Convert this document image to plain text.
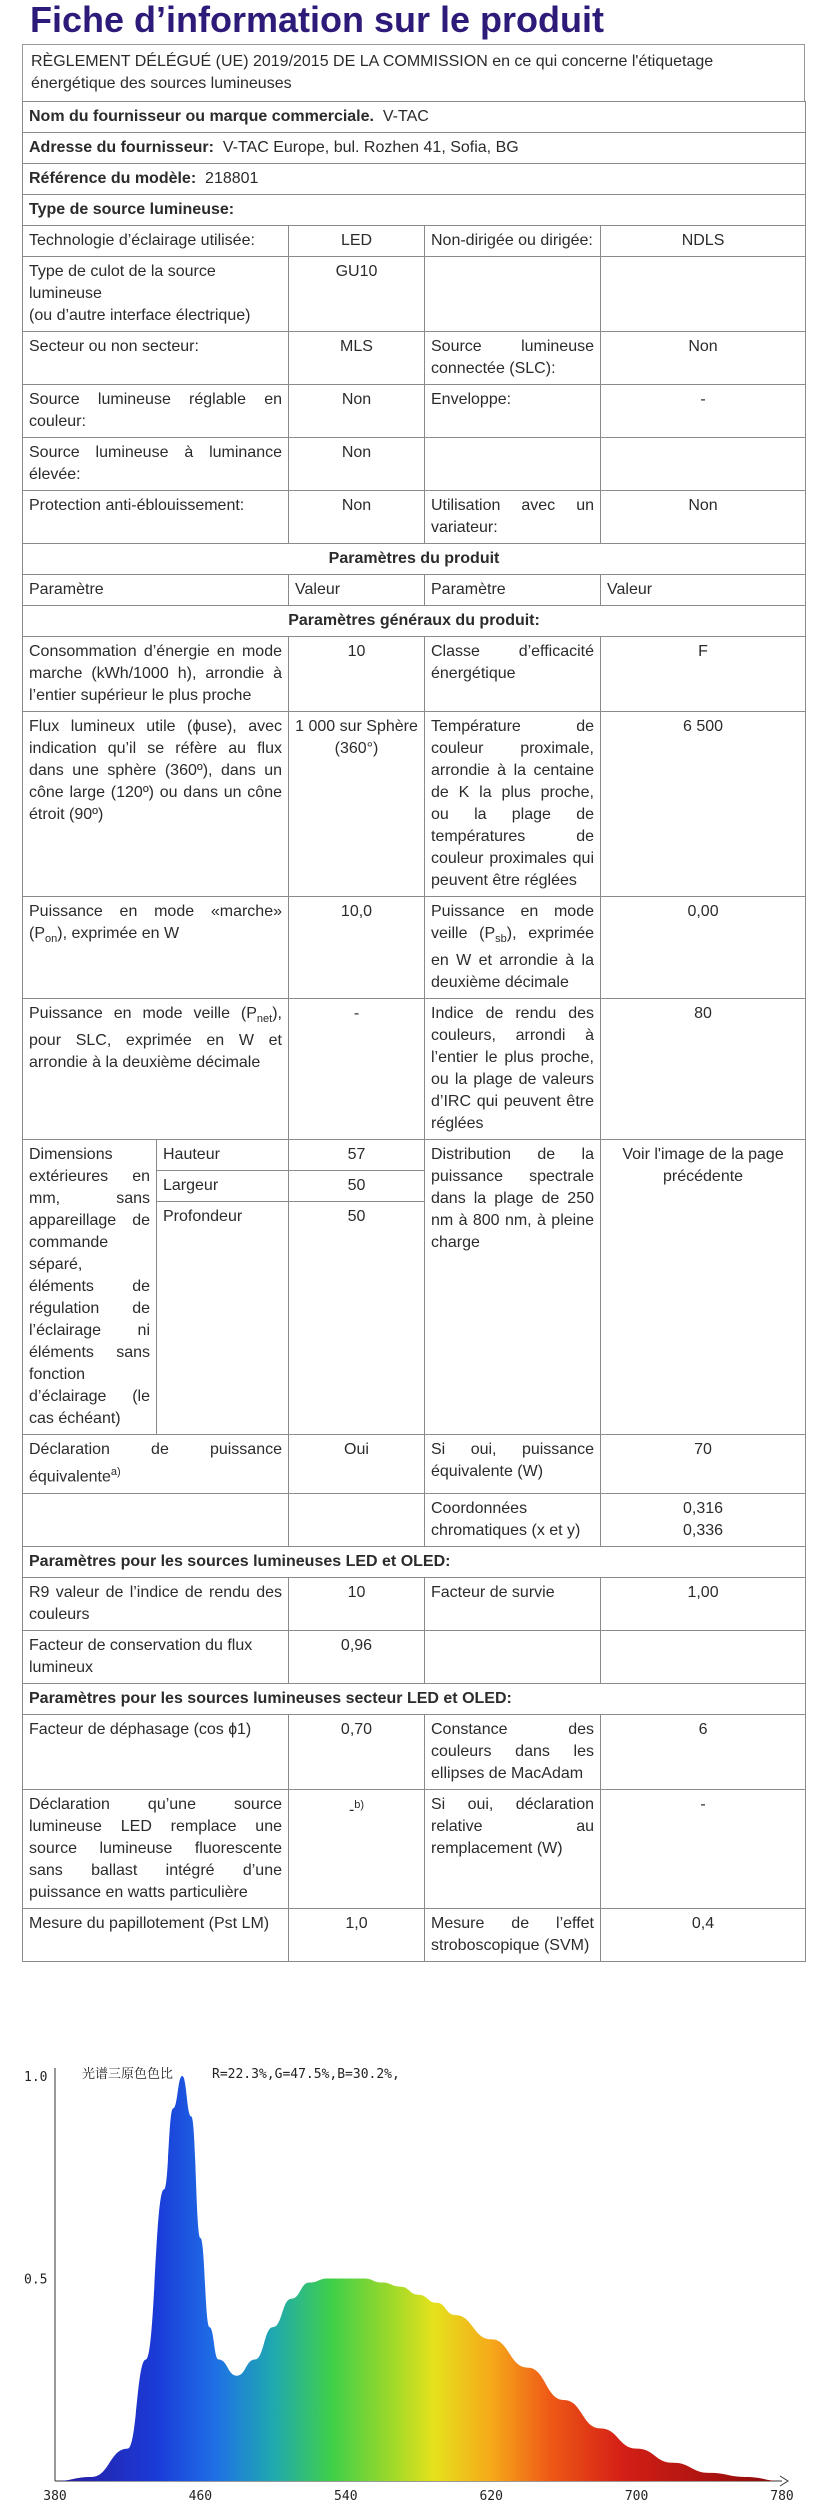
Fiche d’information sur le produit
RÈGLEMENT DÉLÉGUÉ (UE) 2019/2015 DE LA COMMISSION en ce qui concerne l'étiquetage énergétique des sources lumineuses
Nom du fournisseur ou marque commerciale. V-TAC				
Adresse du fournisseur: V-TAC Europe, bul. Rozhen 41, Sofia, BG				
Référence du modèle: 218801				
Type de source lumineuse:				
Technologie d’éclairage utilisée:		LED	Non-dirigée ou dirigée:	NDLS

Type de culot de la source lumineuse
(ou d’autre interface électrique)		GU10		
Secteur ou non secteur:		MLS	Source lumineuse connectée (SLC):	Non
Source lumineuse réglable en couleur:		Non	Enveloppe:	-
Source lumineuse à luminance élevée:		Non		
Protection anti-éblouissement:		Non	Utilisation avec un variateur:	Non
Paramètres du produit				
Paramètre		Valeur	Paramètre	Valeur
Paramètres généraux du produit:				
Consommation d’énergie en mode marche (kWh/1000 h), arrondie à l’entier supérieur le plus proche		10	Classe d’efficacité énergétique	F
Flux lumineux utile (ɸuse), avec indication qu’il se réfère au flux dans une sphère (360º), dans un cône large (120º) ou dans un cône étroit (90º)		1 000 sur Sphère (360°)	Température de couleur proximale, arrondie à la centaine de K la plus proche, ou la plage de températures de couleur proximales qui peuvent être réglées	6 500
Puissance en mode «marche» $(P_{on})$, exprimée en W		10,0	Puissance en mode veille $(P_{sb})$, exprimée en W et arrondie à la deuxième décimale	0,00
Puissance en mode veille $(P_{net})$, pour SLC, exprimée en W et arrondie à la deuxième décimale		-	Indice de rendu des couleurs, arrondi à l’entier le plus proche, ou la plage de valeurs d’IRC qui peuvent être réglées	80
Dimensions extérieures en mm, sans appareillage de commande séparé, éléments de régulation de l’éclairage ni éléments sans fonction d’éclairage (le cas échéant)	Hauteur	57	Distribution de la puissance spectrale dans la plage de 250 nm à 800 nm, à pleine charge	Voir l'image de la page précédente
	Largeur	50		
	Profondeur	50		
Déclaration de puissance équivalente$^{a)}$		Oui	Si oui, puissance équivalente (W)	70
			Coordonnées chromatiques (x et y)	0,316
0,336

Paramètres pour les sources lumineuses LED et OLED:				
R9 valeur de l’indice de rendu des couleurs		10	Facteur de survie	1,00
Facteur de conservation du flux lumineux		0,96		
Paramètres pour les sources lumineuses secteur LED et OLED:				
Facteur de déphasage (cos ɸ1)		0,70	Constance des couleurs dans les ellipses de MacAdam	6
Déclaration qu’une source lumineuse LED remplace une source lumineuse fluorescente sans ballast intégré d’une puissance en watts particulière		-$^{b)}$	Si oui, déclaration relative au remplacement (W)	-
Mesure du papillotement (Pst LM)		1,0	Mesure de l’effet stroboscopique (SVM)	0,4
光谱三原色色比	R=22.3%,G=47.5%,B=30.2%,
380	460	540	620	700	780
1.0
0.5
